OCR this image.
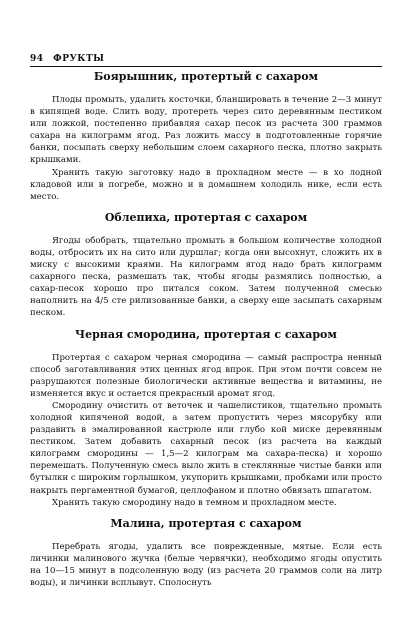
94 ФРУКТЫ
Боярышник, протертый с сахаром

Плоды промыть, удалить косточки, бланшировать в течение 2—3 минут в кипящей воде. Слить воду, протереть через сито деревянным пестиком или ложкой, постепенно прибавляя сахар песок из расчета 300 граммов сахара на килограмм ягод. Раз ложить массу в подготовленные горячие банки, посыпать сверху небольшим слоем сахарного песка, плотно закрыть крышками.

Хранить такую заготовку надо в прохладном месте — в хо лодной кладовой или в погребе, можно и в домашнем холодиль нике, если есть место.

Облепиха, протертая с сахаром

Ягоды обобрать, тщательно промыть в большом количестве холодной воды, отбросить их на сито или дуршлаг; когда они высохнут, сложить их в миску с высокими краями. На килограмм ягод надо брать килограмм сахарного песка, размешать так, чтобы ягоды размялись полностью, а сахар-песок хорошо про питался соком. Затем полученной смесью наполнить на 4/5 сте рилизованные банки, а сверху еще засыпать сахарным песком.

Черная смородина, протертая с сахаром

Протертая с сахаром черная смородина — самый распростра ненный способ заготавливания этих ценных ягод впрок. При этом почти совсем не разрушаются полезные биологически активные вещества и витамины, не изменяется вкус и остается прекрасный аромат ягод.

Смородину очистить от веточек и чашелистиков, тщательно промыть холодной кипяченой водой, а затем пропустить через мясорубку или раздавить в эмалированной кастрюле или глубо кой миске деревянным пестиком. Затем добавить сахарный песок (из расчета на каждый килограмм смородины — 1,5—2 килограм ма сахара-песка) и хорошо перемешать. Полученную смесь выло жить в стеклянные чистые банки или бутылки с широким горлышком, укупорить крышками, пробками или просто накрыть пергаментной бумагой, целлофаном и плотно обвязать шпагатом.

Хранить такую смородину надо в темном и прохладном месте.

Малина, протертая с сахаром

Перебрать ягоды, удалить все поврежденные, мятые. Если есть личинки малинового жучка (белые червячки), необходимо ягоды опустить на 10—15 минут в подсоленную воду (из расчета 20 граммов соли на литр воды), и личинки всплывут. Сполоснуть
